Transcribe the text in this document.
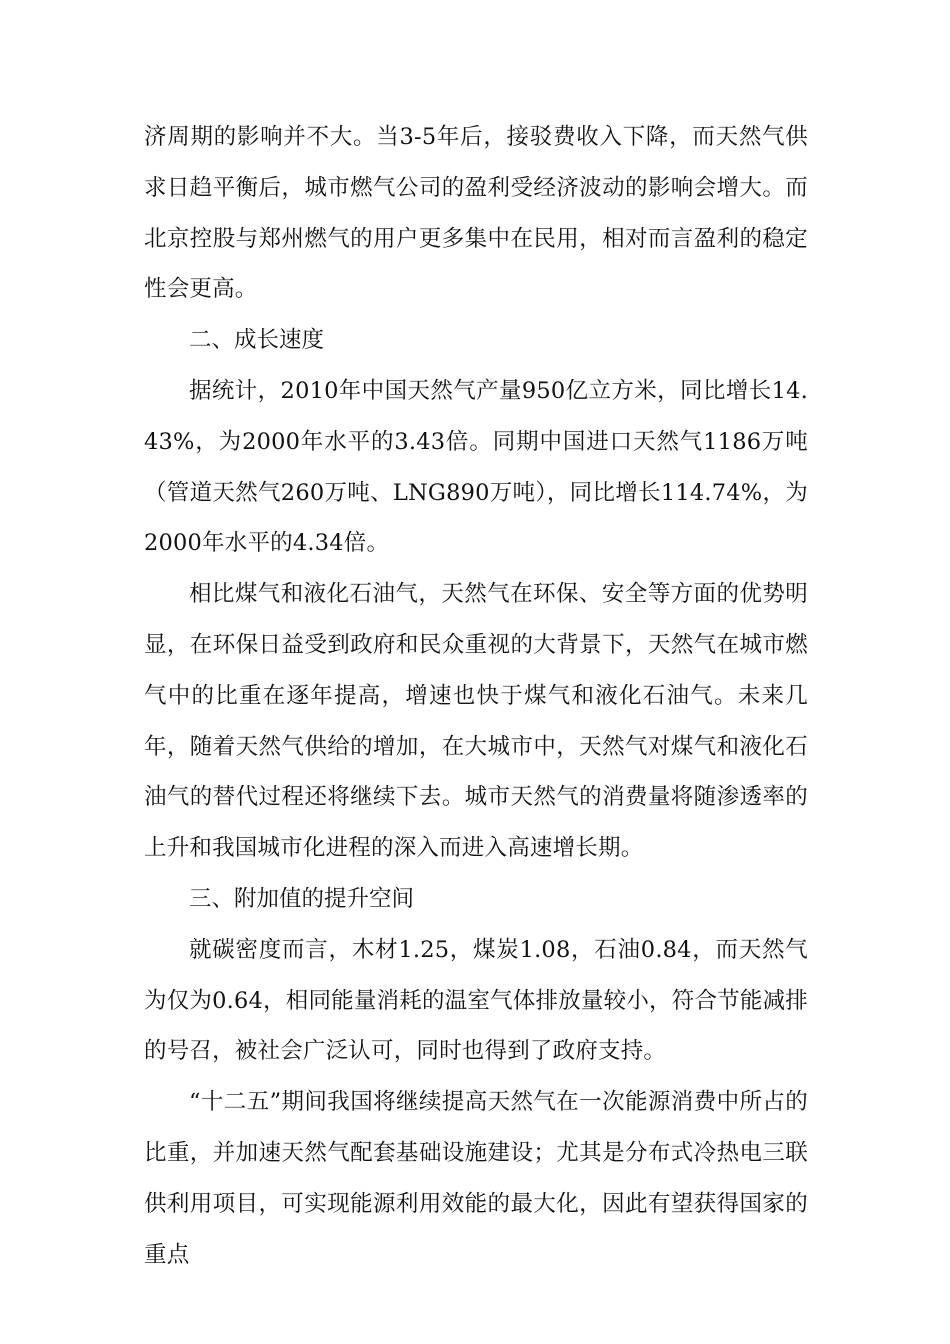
济周期的影响并不大。当3-5年后，接驳费收入下降，而天然气供求日趋平衡后，城市燃气公司的盈利受经济波动的影响会增大。而北京控股与郑州燃气的用户更多集中在民用，相对而言盈利的稳定性会更高。

二、成长速度

据统计，2010年中国天然气产量950亿立方米，同比增长14.43%，为2000年水平的3.43倍。同期中国进口天然气1186万吨（管道天然气260万吨、LNG890万吨），同比增长114.74%，为2000年水平的4.34倍。

相比煤气和液化石油气，天然气在环保、安全等方面的优势明显，在环保日益受到政府和民众重视的大背景下，天然气在城市燃气中的比重在逐年提高，增速也快于煤气和液化石油气。未来几年，随着天然气供给的增加，在大城市中，天然气对煤气和液化石油气的替代过程还将继续下去。城市天然气的消费量将随渗透率的上升和我国城市化进程的深入而进入高速增长期。

三、附加值的提升空间

就碳密度而言，木材1.25，煤炭1.08，石油0.84，而天然气为仅为0.64，相同能量消耗的温室气体排放量较小，符合节能减排的号召，被社会广泛认可，同时也得到了政府支持。

“十二五”期间我国将继续提高天然气在一次能源消费中所占的比重，并加速天然气配套基础设施建设；尤其是分布式冷热电三联供利用项目，可实现能源利用效能的最大化，因此有望获得国家的重点
